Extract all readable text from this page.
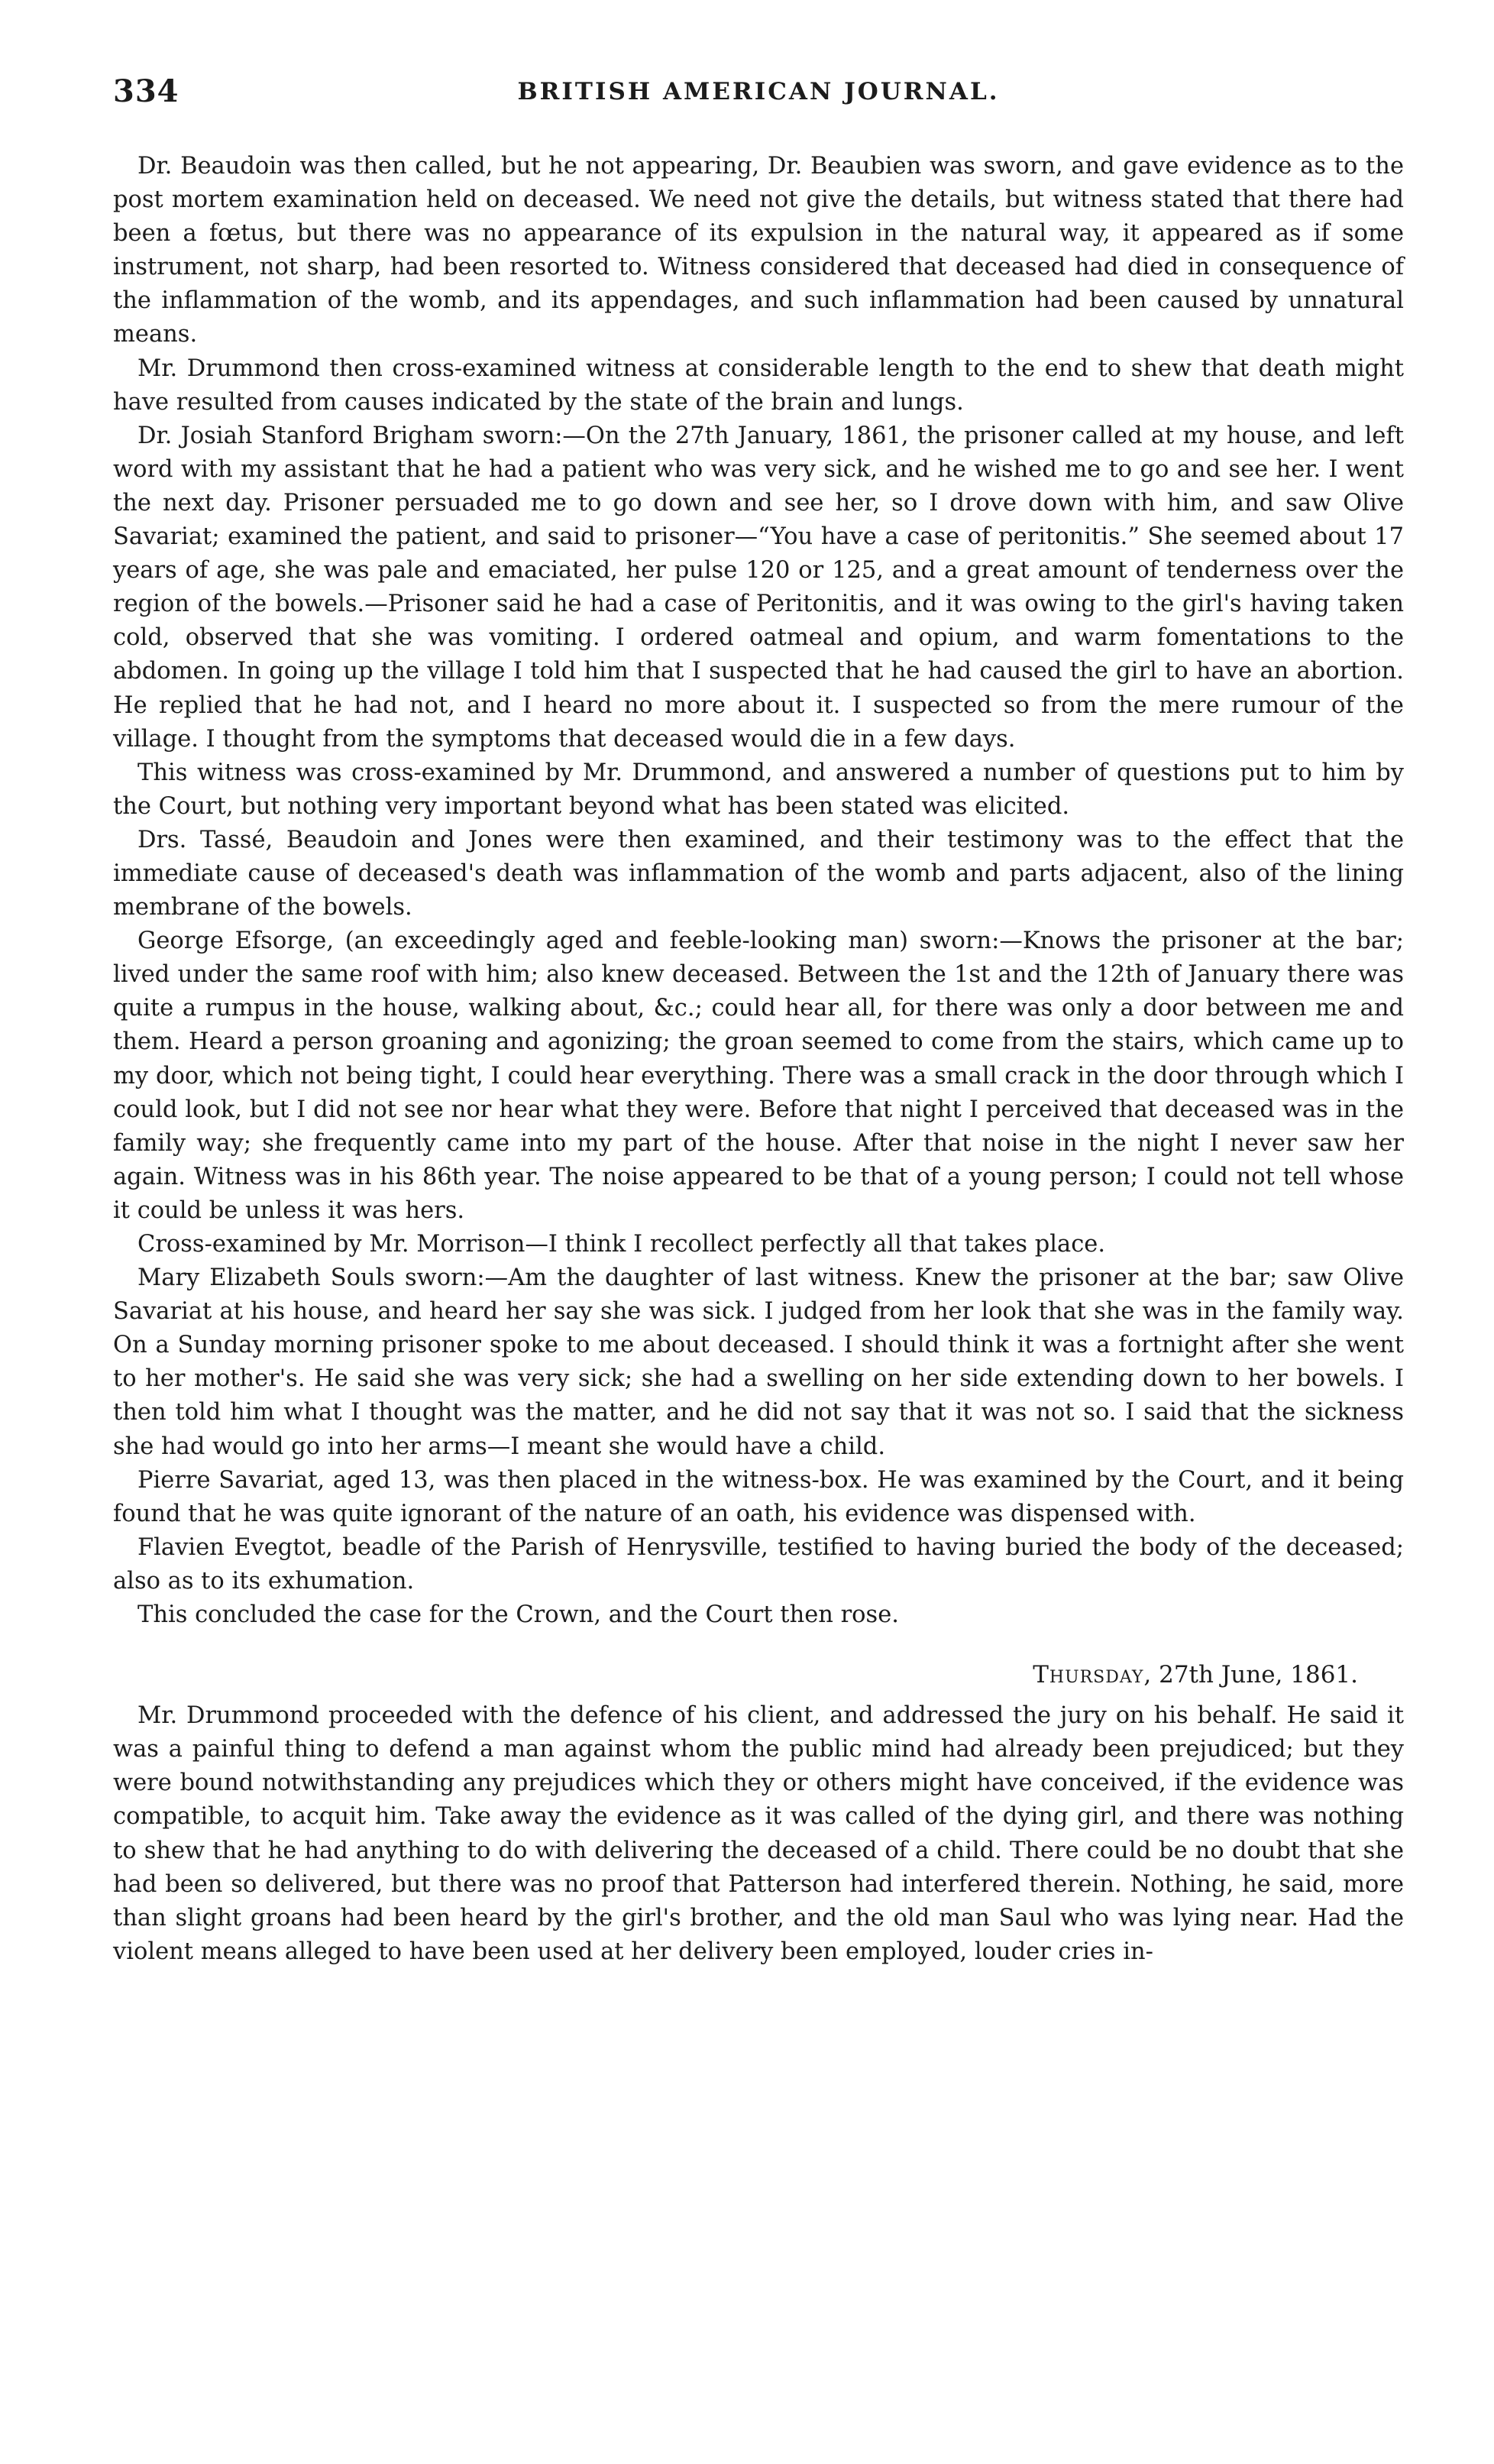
334	BRITISH AMERICAN JOURNAL.

Dr. Beaudoin was then called, but he not appearing, Dr. Beaubien was sworn, and gave evidence as to the post mortem examination held on deceased. We need not give the details, but witness stated that there had been a fœtus, but there was no appearance of its expulsion in the natural way, it appeared as if some instrument, not sharp, had been resorted to. Witness considered that deceased had died in consequence of the inflammation of the womb, and its appendages, and such inflammation had been caused by unnatural means.

Mr. Drummond then cross-examined witness at considerable length to the end to shew that death might have resulted from causes indicated by the state of the brain and lungs.

Dr. Josiah Stanford Brigham sworn:—On the 27th January, 1861, the prisoner called at my house, and left word with my assistant that he had a patient who was very sick, and he wished me to go and see her. I went the next day. Prisoner persuaded me to go down and see her, so I drove down with him, and saw Olive Savariat; examined the patient, and said to prisoner—“You have a case of peritonitis.” She seemed about 17 years of age, she was pale and emaciated, her pulse 120 or 125, and a great amount of tenderness over the region of the bowels.—Prisoner said he had a case of Peritonitis, and it was owing to the girl's having taken cold, observed that she was vomiting. I ordered oatmeal and opium, and warm fomentations to the abdomen. In going up the village I told him that I suspected that he had caused the girl to have an abortion. He replied that he had not, and I heard no more about it. I suspected so from the mere rumour of the village. I thought from the symptoms that deceased would die in a few days.

This witness was cross-examined by Mr. Drummond, and answered a number of questions put to him by the Court, but nothing very important beyond what has been stated was elicited.

Drs. Tassé, Beaudoin and Jones were then examined, and their testimony was to the effect that the immediate cause of deceased's death was inflammation of the womb and parts adjacent, also of the lining membrane of the bowels.

George Efsorge, (an exceedingly aged and feeble-looking man) sworn:—Knows the prisoner at the bar; lived under the same roof with him; also knew deceased. Between the 1st and the 12th of January there was quite a rumpus in the house, walking about, &c.; could hear all, for there was only a door between me and them. Heard a person groaning and agonizing; the groan seemed to come from the stairs, which came up to my door, which not being tight, I could hear everything. There was a small crack in the door through which I could look, but I did not see nor hear what they were. Before that night I perceived that deceased was in the family way; she frequently came into my part of the house. After that noise in the night I never saw her again. Witness was in his 86th year. The noise appeared to be that of a young person; I could not tell whose it could be unless it was hers.

Cross-examined by Mr. Morrison—I think I recollect perfectly all that takes place.

Mary Elizabeth Souls sworn:—Am the daughter of last witness. Knew the prisoner at the bar; saw Olive Savariat at his house, and heard her say she was sick. I judged from her look that she was in the family way. On a Sunday morning prisoner spoke to me about deceased. I should think it was a fortnight after she went to her mother's. He said she was very sick; she had a swelling on her side extending down to her bowels. I then told him what I thought was the matter, and he did not say that it was not so. I said that the sickness she had would go into her arms—I meant she would have a child.

Pierre Savariat, aged 13, was then placed in the witness-box. He was examined by the Court, and it being found that he was quite ignorant of the nature of an oath, his evidence was dispensed with.

Flavien Evegtot, beadle of the Parish of Henrysville, testified to having buried the body of the deceased; also as to its exhumation.

This concluded the case for the Crown, and the Court then rose.

Thursday, 27th June, 1861.

Mr. Drummond proceeded with the defence of his client, and addressed the jury on his behalf. He said it was a painful thing to defend a man against whom the public mind had already been prejudiced; but they were bound notwithstanding any prejudices which they or others might have conceived, if the evidence was compatible, to acquit him. Take away the evidence as it was called of the dying girl, and there was nothing to shew that he had anything to do with delivering the deceased of a child. There could be no doubt that she had been so delivered, but there was no proof that Patterson had interfered therein. Nothing, he said, more than slight groans had been heard by the girl's brother, and the old man Saul who was lying near. Had the violent means alleged to have been used at her delivery been employed, louder cries in-
